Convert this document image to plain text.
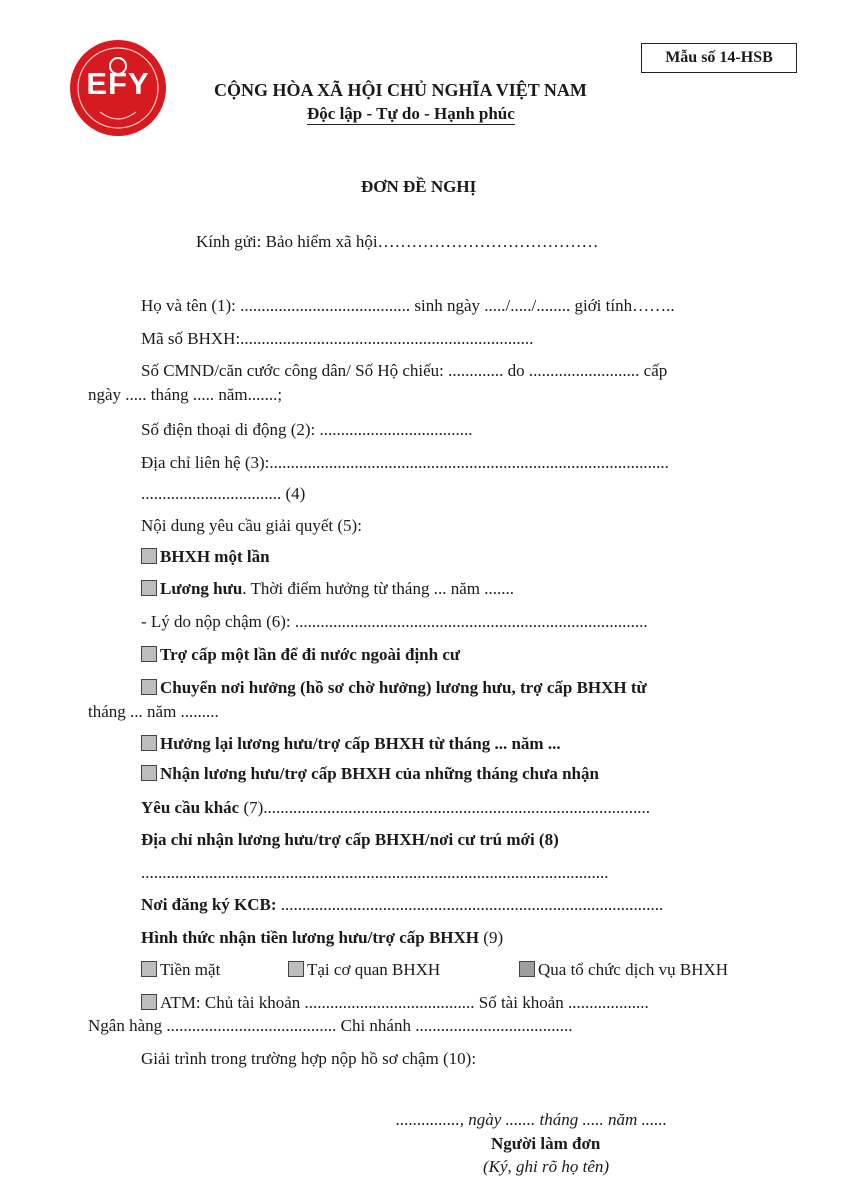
EFY
Mẫu số 14-HSB
CỘNG HÒA XÃ HỘI CHỦ NGHĨA VIỆT NAM
Độc lập - Tự do - Hạnh phúc
ĐƠN ĐỀ NGHỊ
Kính gửi: Bảo hiểm xã hội…………………………………
Họ và tên (1): ........................................ sinh ngày ...../...../........ giới tính……..
Mã số BHXH:.....................................................................
Số CMND/căn cước công dân/ Số Hộ chiếu: ............. do .......................... cấp
ngày ..... tháng ..... năm.......;
Số điện thoại di động (2): ....................................
Địa chỉ liên hệ (3):..............................................................................................
................................. (4)
Nội dung yêu cầu giải quyết (5):
BHXH một lần
Lương hưu. Thời điểm hưởng từ tháng ... năm .......
- Lý do nộp chậm (6): ...................................................................................
Trợ cấp một lần để đi nước ngoài định cư
Chuyển nơi hưởng (hồ sơ chờ hưởng) lương hưu, trợ cấp BHXH từ
tháng ... năm .........
Hưởng lại lương hưu/trợ cấp BHXH từ tháng ... năm ...
Nhận lương hưu/trợ cấp BHXH của những tháng chưa nhận
Yêu cầu khác (7)...........................................................................................
Địa chỉ nhận lương hưu/trợ cấp BHXH/nơi cư trú mới (8)
..............................................................................................................
Nơi đăng ký KCB: ..........................................................................................
Hình thức nhận tiền lương hưu/trợ cấp BHXH (9)
Tiền mặt	Tại cơ quan BHXH	Qua tổ chức dịch vụ BHXH
ATM: Chủ tài khoản ........................................ Số tài khoản ...................
Ngân hàng ........................................ Chi nhánh .....................................
Giải trình trong trường hợp nộp hồ sơ chậm (10):
..............., ngày ....... tháng ..... năm ......
Người làm đơn
(Ký, ghi rõ họ tên)
